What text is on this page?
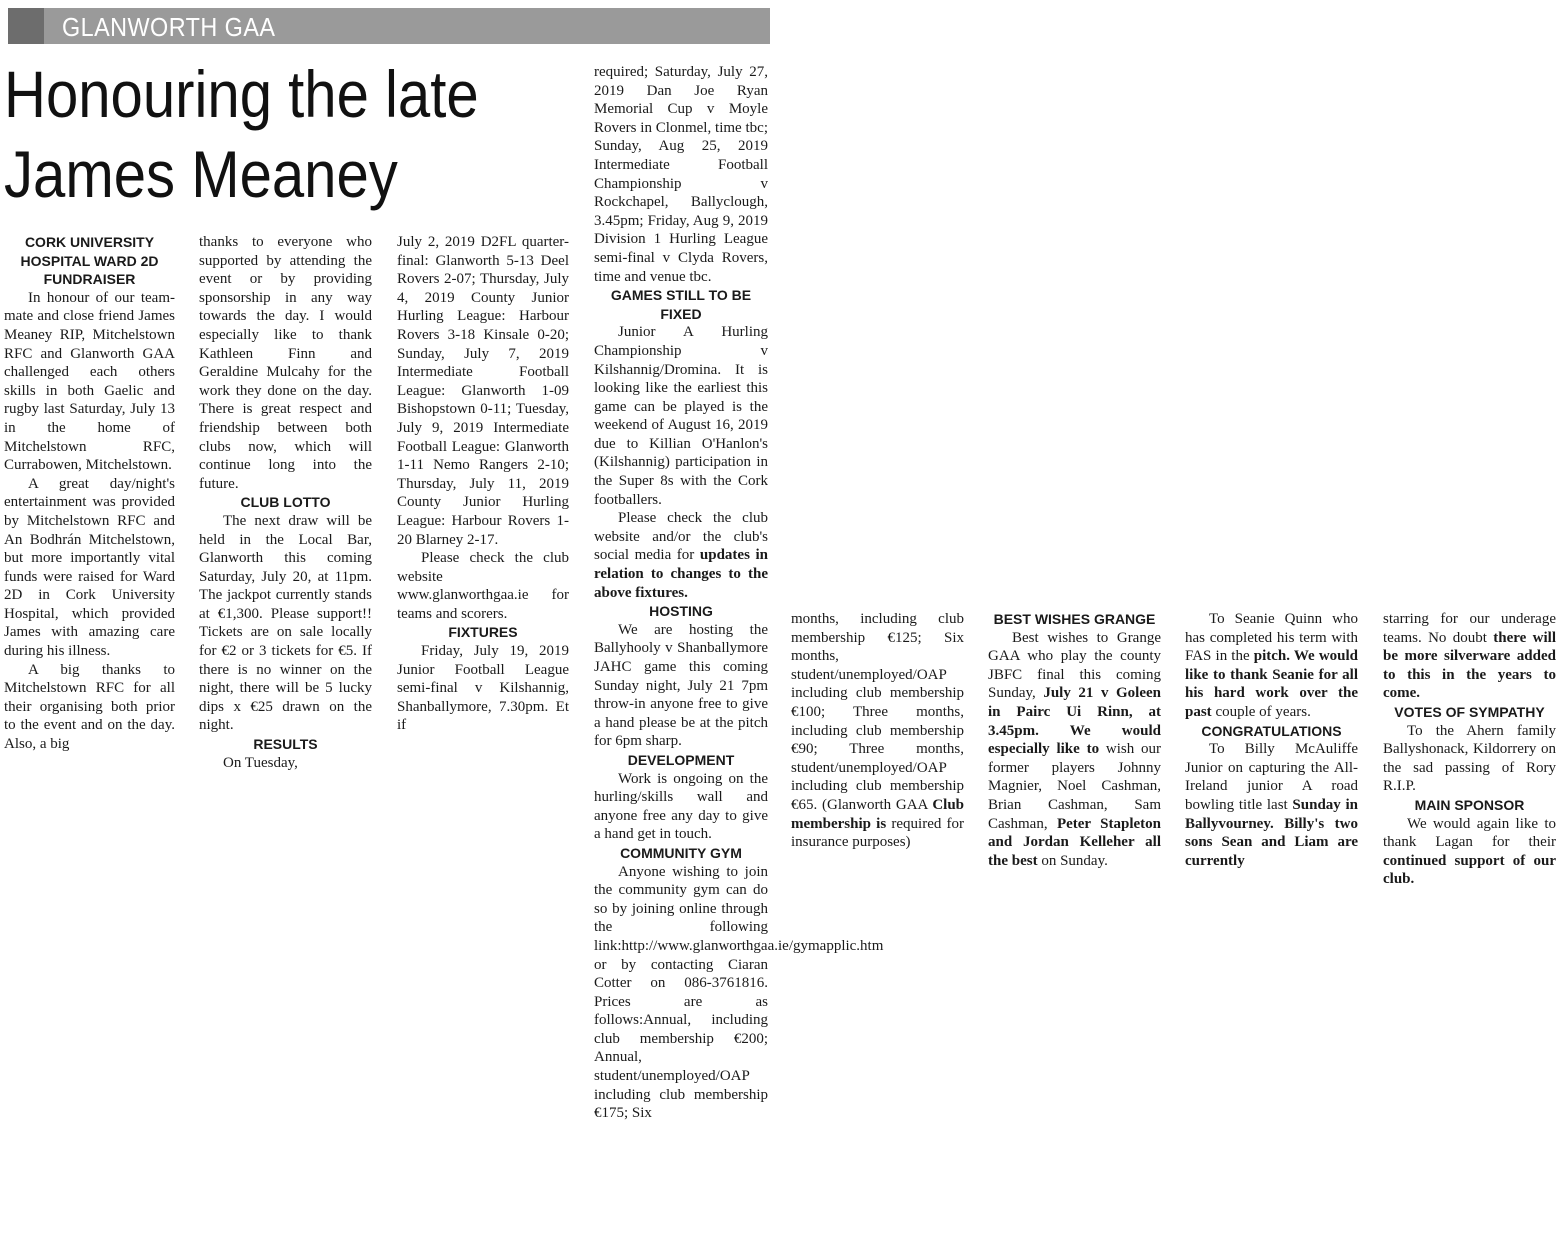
GLANWORTH GAA
Honouring the late James Meaney
CORK UNIVERSITY HOSPITAL WARD 2D FUNDRAISER

In honour of our team-mate and close friend James Meaney RIP, Mitchelstown RFC and Glanworth GAA challenged each others skills in both Gaelic and rugby last Saturday, July 13 in the home of Mitchelstown RFC, Currabowen, Mitchelstown.

A great day/night's entertainment was provided by Mitchelstown RFC and An Bodhrán Mitchelstown, but more importantly vital funds were raised for Ward 2D in Cork University Hospital, which provided James with amazing care during his illness.

A big thanks to Mitchelstown RFC for all their organising both prior to the event and on the day. Also, a big

thanks to everyone who supported by attending the event or by providing sponsorship in any way towards the day. I would especially like to thank Kathleen Finn and Geraldine Mulcahy for the work they done on the day. There is great respect and friendship between both clubs now, which will continue long into the future.

CLUB LOTTO

The next draw will be held in the Local Bar, Glanworth this coming Saturday, July 20, at 11pm. The jackpot currently stands at €1,300. Please support!! Tickets are on sale locally for €2 or 3 tickets for €5. If there is no winner on the night, there will be 5 lucky dips x €25 drawn on the night.

RESULTS

On Tuesday,

July 2, 2019 D2FL quarter-final: Glanworth 5-13 Deel Rovers 2-07; Thursday, July 4, 2019 County Junior Hurling League: Harbour Rovers 3-18 Kinsale 0-20; Sunday, July 7, 2019 Intermediate Football League: Glanworth 1-09 Bishopstown 0-11; Tuesday, July 9, 2019 Intermediate Football League: Glanworth 1-11 Nemo Rangers 2-10; Thursday, July 11, 2019 County Junior Hurling League: Harbour Rovers 1-20 Blarney 2-17.

Please check the club website www.glanworthgaa.ie for teams and scorers.

FIXTURES

Friday, July 19, 2019 Junior Football League semi-final v Kilshannig, Shanballymore, 7.30pm. Et if

required; Saturday, July 27, 2019 Dan Joe Ryan Memorial Cup v Moyle Rovers in Clonmel, time tbc; Sunday, Aug 25, 2019 Intermediate Football Championship v Rockchapel, Ballyclough, 3.45pm; Friday, Aug 9, 2019 Division 1 Hurling League semi-final v Clyda Rovers, time and venue tbc.

GAMES STILL TO BE FIXED

Junior A Hurling Championship v Kilshannig/Dromina. It is looking like the earliest this game can be played is the weekend of August 16, 2019 due to Killian O'Hanlon's (Kilshannig) participation in the Super 8s with the Cork footballers.

Please check the club website and/or the club's social media for updates in relation to changes to the above fixtures.

HOSTING

We are hosting the Ballyhooly v Shanballymore JAHC game this coming Sunday night, July 21 7pm throw-in anyone free to give a hand please be at the pitch for 6pm sharp.

DEVELOPMENT

Work is ongoing on the hurling/skills wall and anyone free any day to give a hand get in touch.

COMMUNITY GYM

Anyone wishing to join the community gym can do so by joining online through the following link:http://www.glanworthgaa.ie/gymapplic.htm or by contacting Ciaran Cotter on 086-3761816. Prices are as follows:Annual, including club membership €200; Annual, student/unemployed/OAP including club membership €175; Six

months, including club membership €125; Six months, student/unemployed/OAP including club membership €100; Three months, including club membership €90; Three months, student/unemployed/OAP including club membership €65. (Glanworth GAA Club membership is required for insurance purposes)

BEST WISHES GRANGE

Best wishes to Grange GAA who play the county JBFC final this coming Sunday, July 21 v Goleen in Pairc Ui Rinn, at 3.45pm. We would especially like to wish our former players Johnny Magnier, Noel Cashman, Brian Cashman, Sam Cashman, Peter Stapleton and Jordan Kelleher all the best on Sunday.

To Seanie Quinn who has completed his term with FAS in the pitch. We would like to thank Seanie for all his hard work over the past couple of years.

CONGRATULATIONS

To Billy McAuliffe Junior on capturing the All-Ireland junior A road bowling title last Sunday in Ballyvourney. Billy's two sons Sean and Liam are currently

starring for our underage teams. No doubt there will be more silverware added to this in the years to come.

VOTES OF SYMPATHY

To the Ahern family Ballyshonack, Kildorrery on the sad passing of Rory R.I.P.

MAIN SPONSOR

We would again like to thank Lagan for their continued support of our club.
